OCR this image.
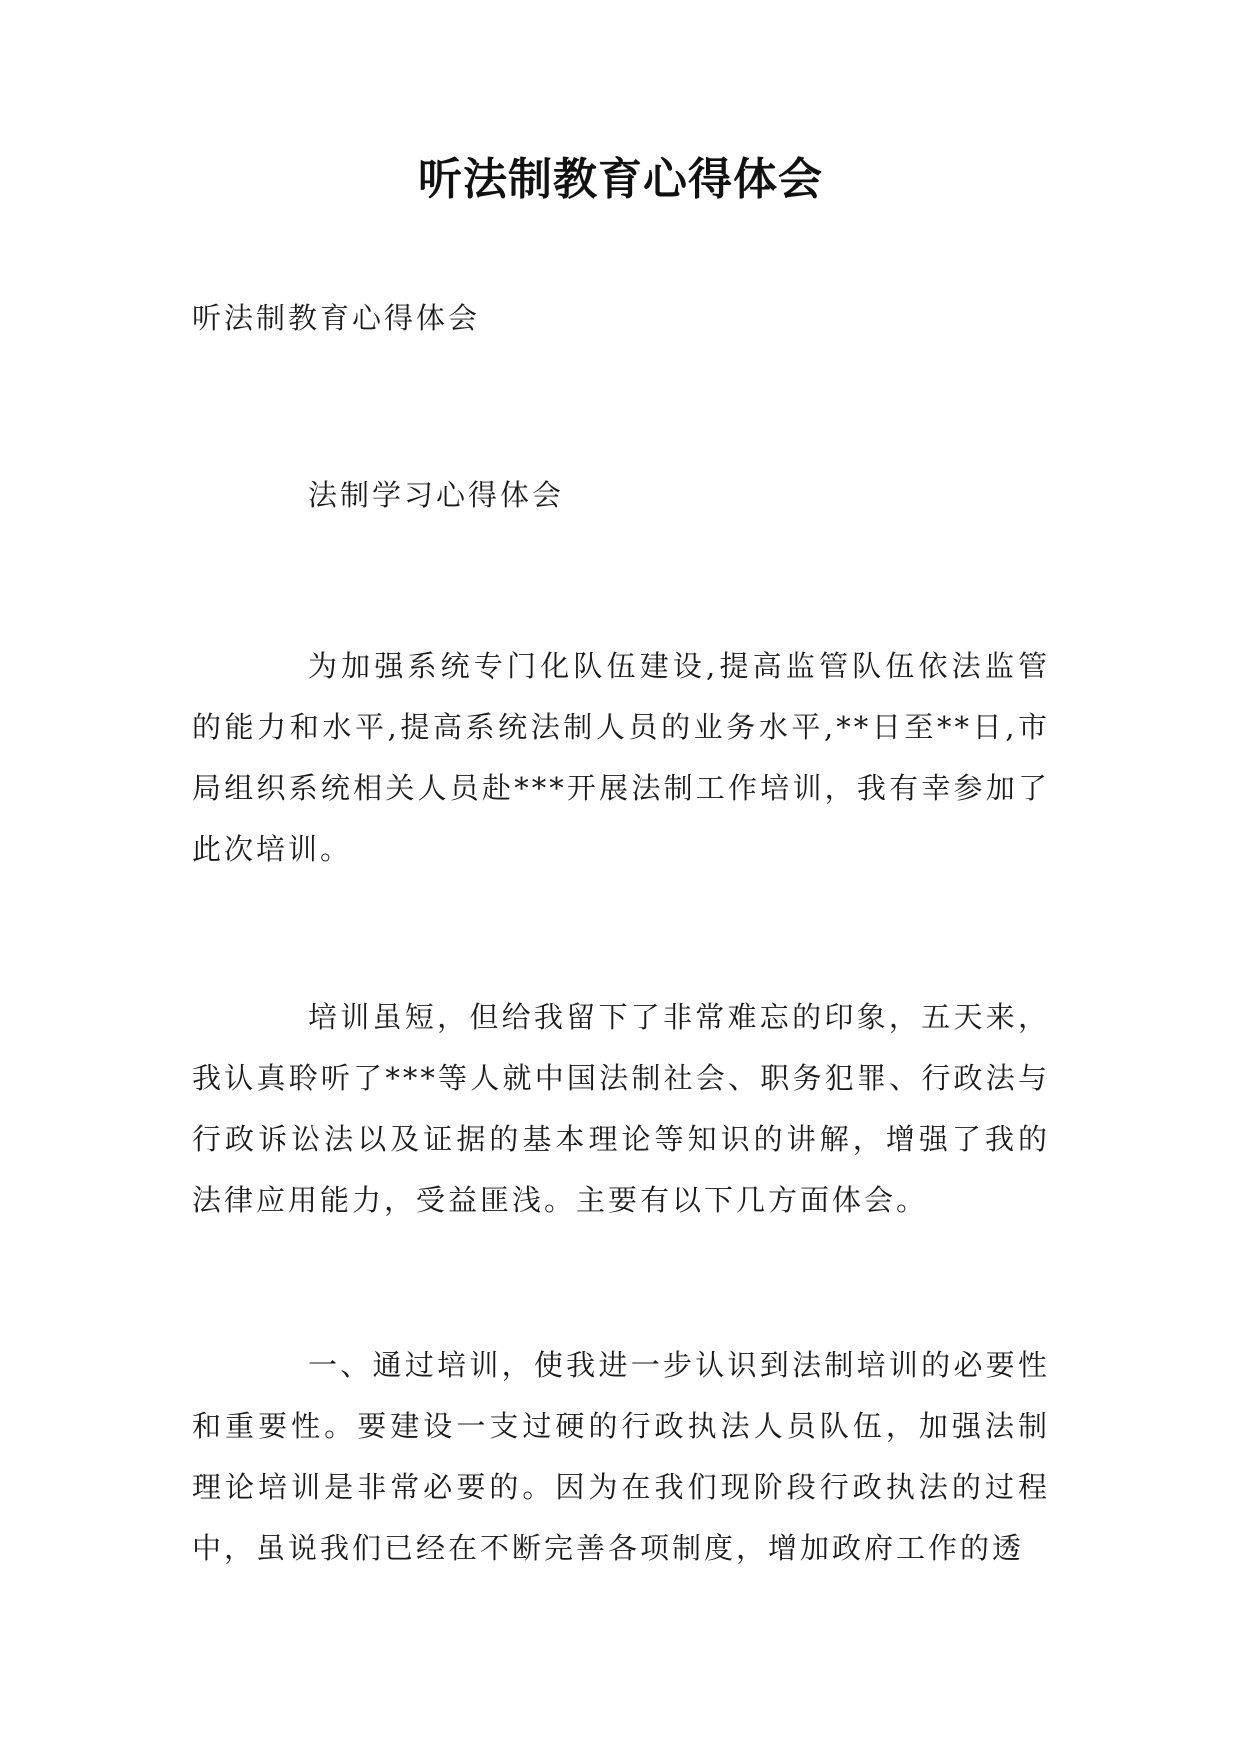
听法制教育心得体会
听法制教育心得体会
法制学习心得体会
为加强系统专门化队伍建设,提高监管队伍依法监管的能力和水平,提高系统法制人员的业务水平,**日至**日,市局组织系统相关人员赴***开展法制工作培训，我有幸参加了此次培训。
培训虽短，但给我留下了非常难忘的印象，五天来，我认真聆听了***等人就中国法制社会、职务犯罪、行政法与行政诉讼法以及证据的基本理论等知识的讲解，增强了我的法律应用能力，受益匪浅。主要有以下几方面体会。
一、通过培训，使我进一步认识到法制培训的必要性和重要性。要建设一支过硬的行政执法人员队伍，加强法制理论培训是非常必要的。因为在我们现阶段行政执法的过程中，虽说我们已经在不断完善各项制度，增加政府工作的透
